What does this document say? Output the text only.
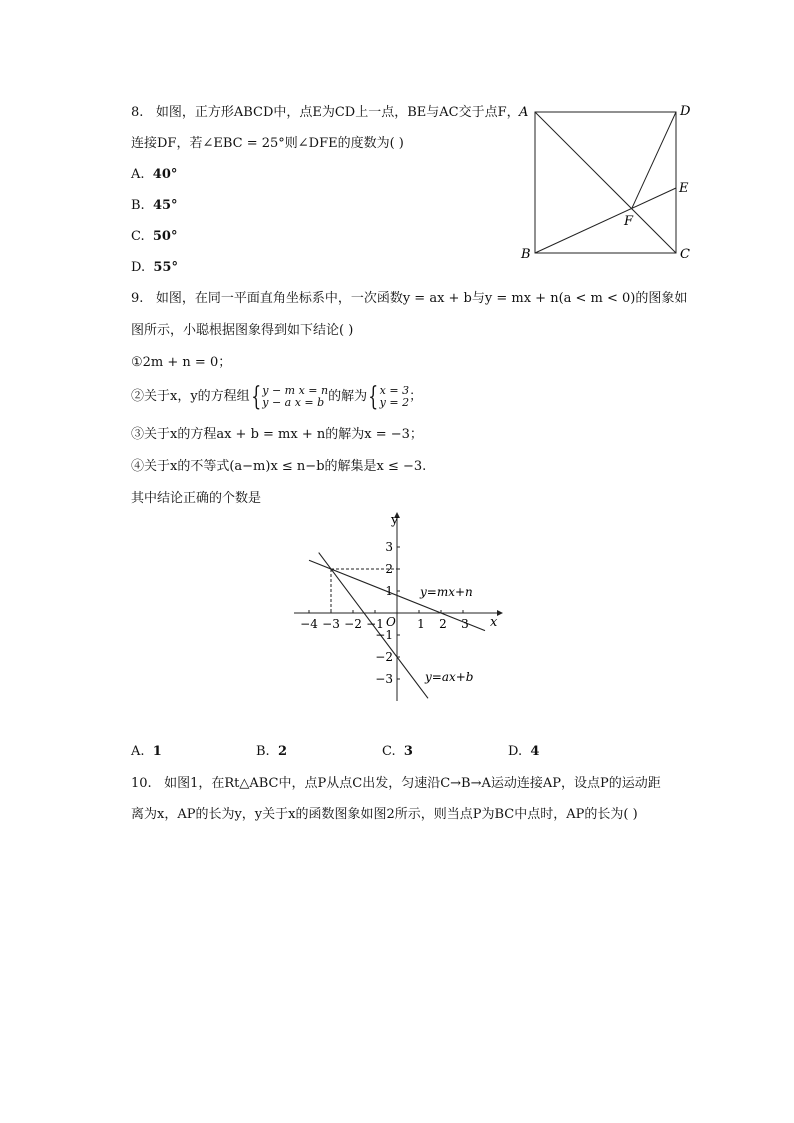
8. 如图，正方形ABCD中，点E为CD上一点，BE与AC交于点F，
连接DF，若∠EBC = 25°则∠DFE的度数为( )
A. 40°
B. 45°
C. 50°
D. 55°
A	D
E
F
B	C
9. 如图，在同一平面直角坐标系中，一次函数y = ax + b与y = mx + n(a < m < 0)的图象如
图所示，小聪根据图象得到如下结论( )
①2m + n = 0；
②关于x，y的方程组{y − m x = n
y − a x = b 的解为{x = 3
y = 2；
③关于x的方程ax + b = mx + n的解为x = −3；
④关于x的不等式(a−m)x ≤ n−b的解集是x ≤ −3.
其中结论正确的个数是
x
y
O
−4 −3 −2 −1	1 2 3
3
2
1
−1
−2
−3
y=mx+n
y=ax+b
A. 1	B. 2	C. 3	D. 4
10. 如图1，在Rt△ABC中，点P从点C出发，匀速沿C→B→A运动连接AP，设点P的运动距
离为x，AP的长为y，y关于x的函数图象如图2所示，则当点P为BC中点时，AP的长为( )
